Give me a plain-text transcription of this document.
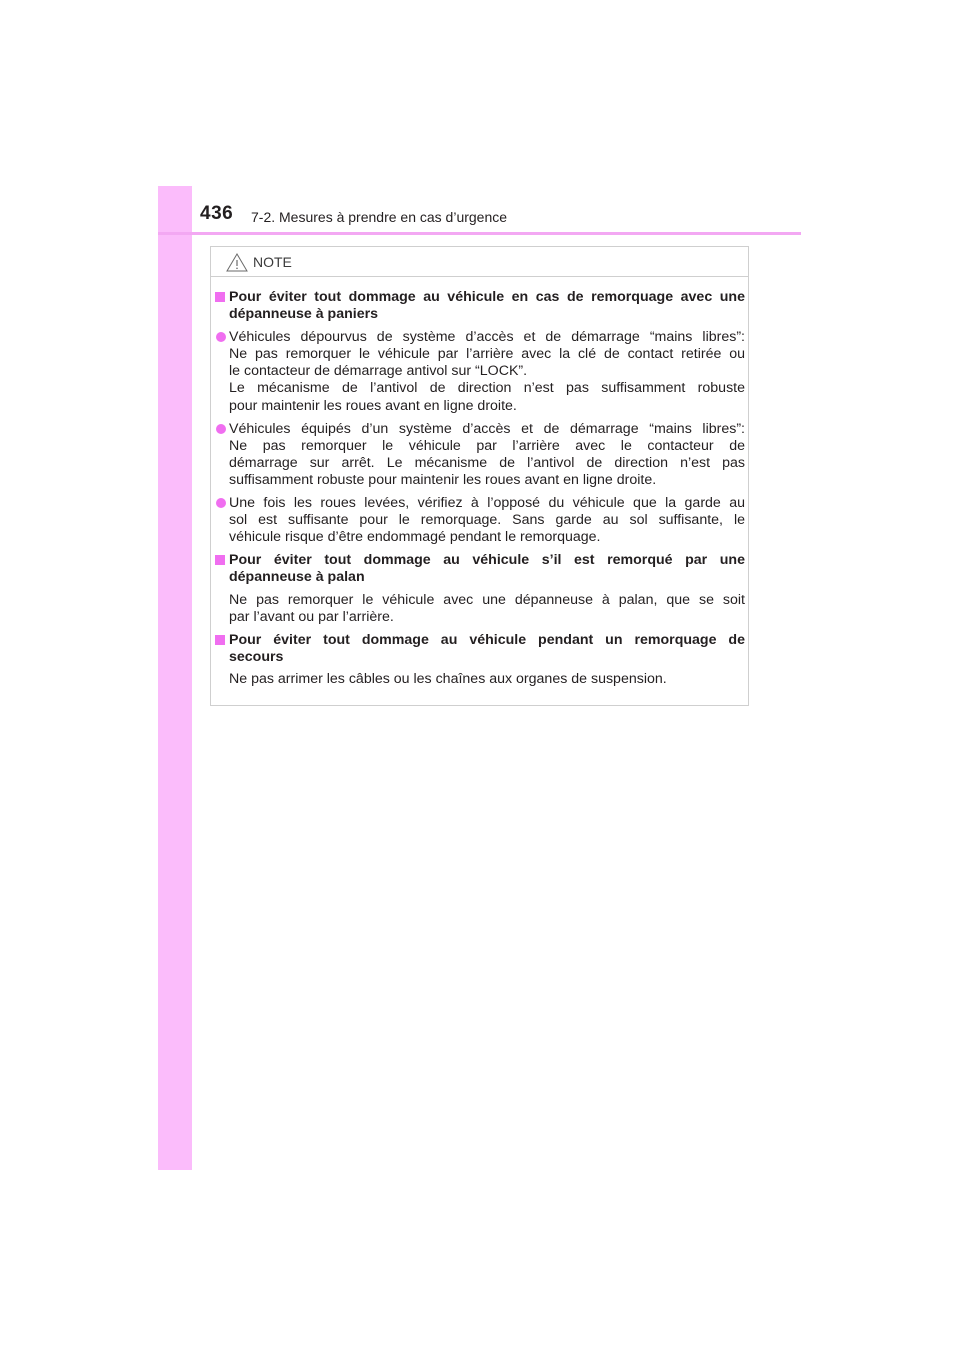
436 7-2. Mesures à prendre en cas d’urgence
NOTE
Pour éviter tout dommage au véhicule en cas de remorquage avec une
dépanneuse à paniers
Véhicules dépourvus de système d’accès et de démarrage “mains libres”:
Ne pas remorquer le véhicule par l’arrière avec la clé de contact retirée ou
le contacteur de démarrage antivol sur “LOCK”.
Le mécanisme de l’antivol de direction n’est pas suffisamment robuste
pour maintenir les roues avant en ligne droite.
Véhicules équipés d’un système d’accès et de démarrage “mains libres”:
Ne pas remorquer le véhicule par l’arrière avec le contacteur de
démarrage sur arrêt. Le mécanisme de l’antivol de direction n’est pas
suffisamment robuste pour maintenir les roues avant en ligne droite.
Une fois les roues levées, vérifiez à l’opposé du véhicule que la garde au
sol est suffisante pour le remorquage. Sans garde au sol suffisante, le
véhicule risque d’être endommagé pendant le remorquage.
Pour éviter tout dommage au véhicule s’il est remorqué par une
dépanneuse à palan
Ne pas remorquer le véhicule avec une dépanneuse à palan, que se soit
par l’avant ou par l’arrière.
Pour éviter tout dommage au véhicule pendant un remorquage de
secours
Ne pas arrimer les câbles ou les chaînes aux organes de suspension.
